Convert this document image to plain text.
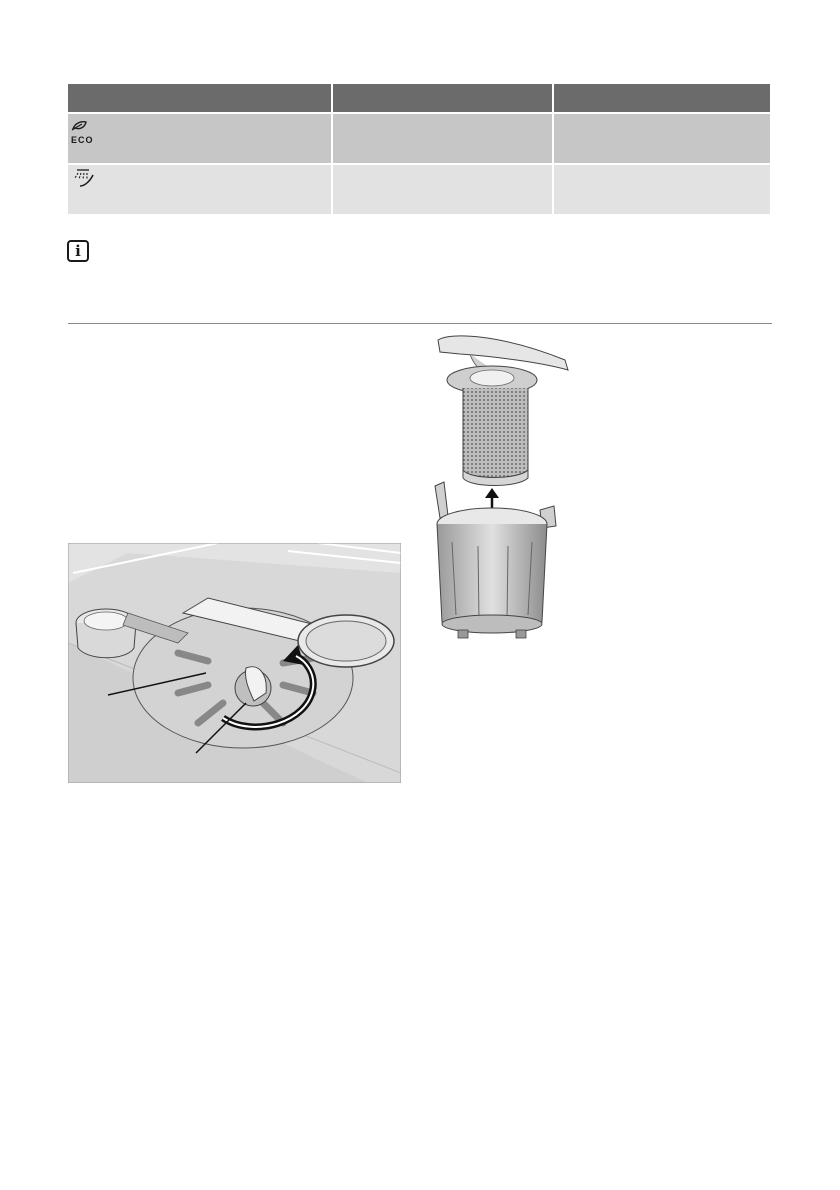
ECO		

i
